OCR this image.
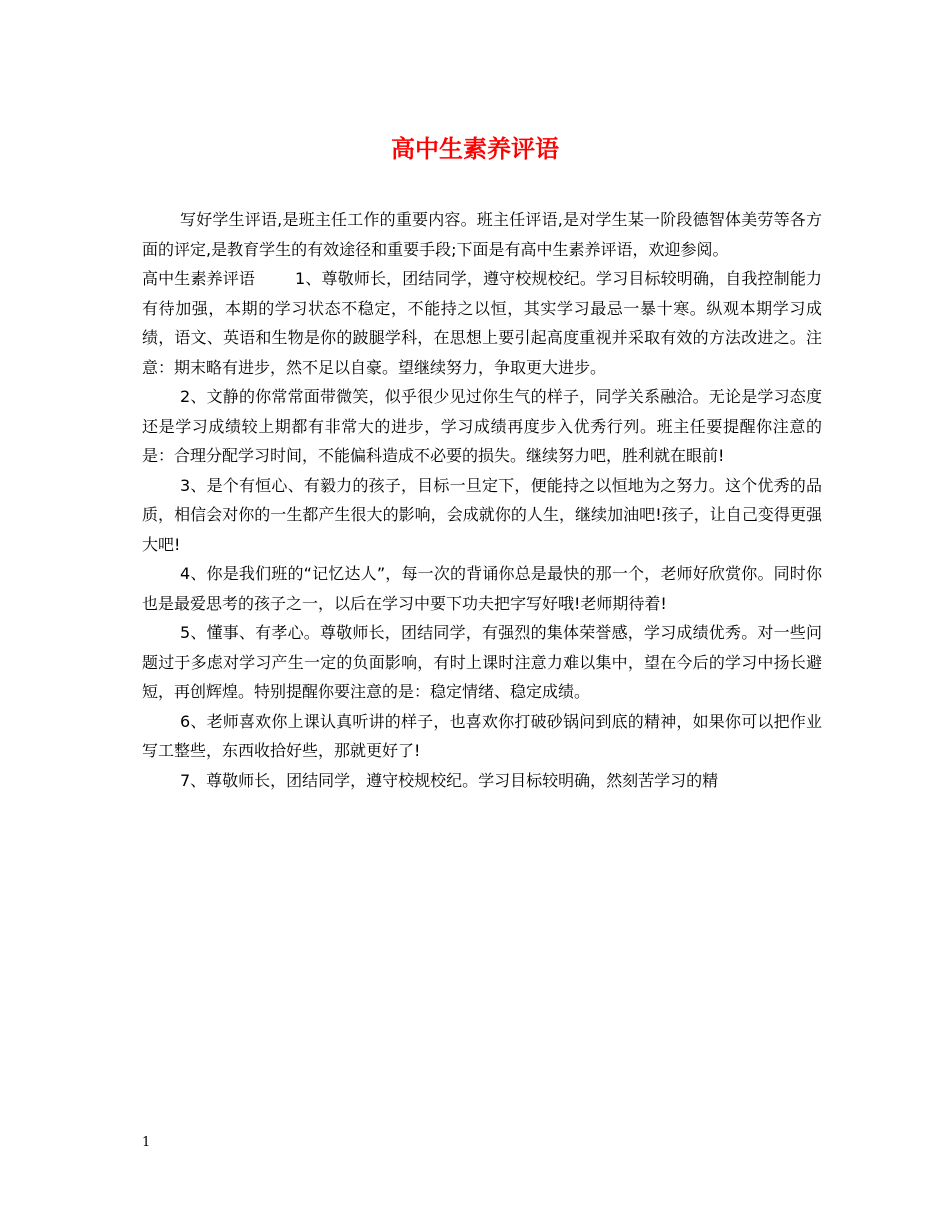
高中生素养评语

写好学生评语,是班主任工作的重要内容。班主任评语,是对学生某一阶段德智体美劳等各方面的评定,是教育学生的有效途径和重要手段;下面是有高中生素养评语，欢迎参阅。

高中生素养评语	1、尊敬师长，团结同学，遵守校规校纪。学习目标较明确，自我控制能力有待加强，本期的学习状态不稳定，不能持之以恒，其实学习最忌一暴十寒。纵观本期学习成绩，语文、英语和生物是你的跛腿学科，在思想上要引起高度重视并采取有效的方法改进之。注意：期末略有进步，然不足以自豪。望继续努力，争取更大进步。

2、文静的你常常面带微笑，似乎很少见过你生气的样子，同学关系融洽。无论是学习态度还是学习成绩较上期都有非常大的进步，学习成绩再度步入优秀行列。班主任要提醒你注意的是：合理分配学习时间，不能偏科造成不必要的损失。继续努力吧，胜利就在眼前!

3、是个有恒心、有毅力的孩子，目标一旦定下，便能持之以恒地为之努力。这个优秀的品质，相信会对你的一生都产生很大的影响，会成就你的人生，继续加油吧!孩子，让自己变得更强大吧!

4、你是我们班的“记忆达人”，每一次的背诵你总是最快的那一个，老师好欣赏你。同时你也是最爱思考的孩子之一，以后在学习中要下功夫把字写好哦!老师期待着!

5、懂事、有孝心。尊敬师长，团结同学，有强烈的集体荣誉感，学习成绩优秀。对一些问题过于多虑对学习产生一定的负面影响，有时上课时注意力难以集中，望在今后的学习中扬长避短，再创辉煌。特别提醒你要注意的是：稳定情绪、稳定成绩。

6、老师喜欢你上课认真听讲的样子，也喜欢你打破砂锅问到底的精神，如果你可以把作业写工整些，东西收拾好些，那就更好了!

7、尊敬师长，团结同学，遵守校规校纪。学习目标较明确，然刻苦学习的精

1
